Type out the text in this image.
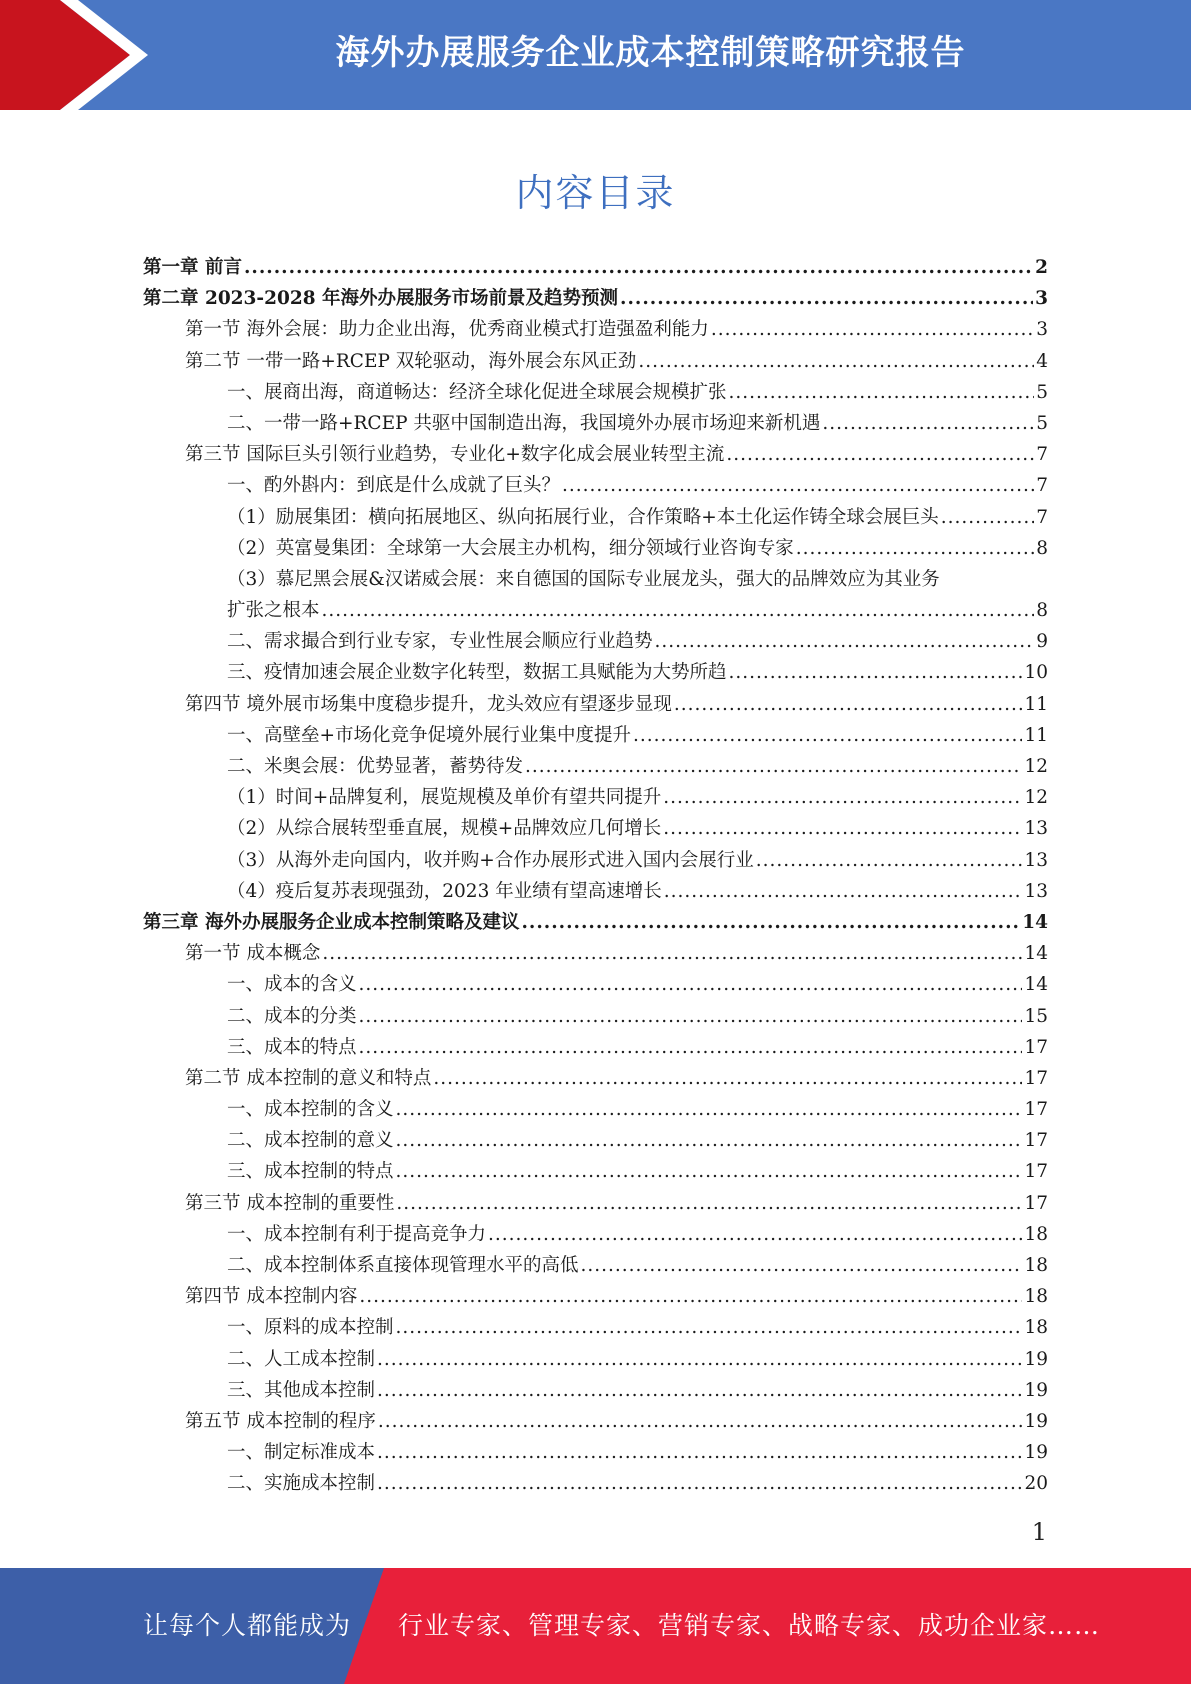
海外办展服务企业成本控制策略研究报告
内容目录
第一章 前言 .....	2
第二章 2023-2028 年海外办展服务市场前景及趋势预测 .....	3
第一节 海外会展：助力企业出海，优秀商业模式打造强盈利能力 .....	3
第二节 一带一路+RCEP 双轮驱动，海外展会东风正劲 .....	4
一、展商出海，商道畅达：经济全球化促进全球展会规模扩张 .....	5
二、一带一路+RCEP 共驱中国制造出海，我国境外办展市场迎来新机遇 .....	5
第三节 国际巨头引领行业趋势，专业化+数字化成会展业转型主流 .....	7
一、酌外斟内：到底是什么成就了巨头？ .....	7
（1）励展集团：横向拓展地区、纵向拓展行业，合作策略+本土化运作铸全球会展巨头 .....	7
（2）英富曼集团：全球第一大会展主办机构，细分领域行业咨询专家 .....	8
（3）慕尼黑会展&汉诺威会展：来自德国的国际专业展龙头，强大的品牌效应为其业务
扩张之根本 .....	8
二、需求撮合到行业专家，专业性展会顺应行业趋势 .....	9
三、疫情加速会展企业数字化转型，数据工具赋能为大势所趋 .....	10
第四节 境外展市场集中度稳步提升，龙头效应有望逐步显现 .....	11
一、高壁垒+市场化竞争促境外展行业集中度提升 .....	11
二、米奥会展：优势显著，蓄势待发 .....	12
（1）时间+品牌复利，展览规模及单价有望共同提升 .....	12
（2）从综合展转型垂直展，规模+品牌效应几何增长 .....	13
（3）从海外走向国内，收并购+合作办展形式进入国内会展行业 .....	13
（4）疫后复苏表现强劲，2023 年业绩有望高速增长 .....	13
第三章 海外办展服务企业成本控制策略及建议 .....	14
第一节 成本概念 .....	14
一、成本的含义 .....	14
二、成本的分类 .....	15
三、成本的特点 .....	17
第二节 成本控制的意义和特点 .....	17
一、成本控制的含义 .....	17
二、成本控制的意义 .....	17
三、成本控制的特点 .....	17
第三节 成本控制的重要性 .....	17
一、成本控制有利于提高竞争力 .....	18
二、成本控制体系直接体现管理水平的高低 .....	18
第四节 成本控制内容 .....	18
一、原料的成本控制 .....	18
二、人工成本控制 .....	19
三、其他成本控制 .....	19
第五节 成本控制的程序 .....	19
一、制定标准成本 .....	19
二、实施成本控制 .....	20
1
让每个人都能成为 行业专家、管理专家、营销专家、战略专家、成功企业家……
